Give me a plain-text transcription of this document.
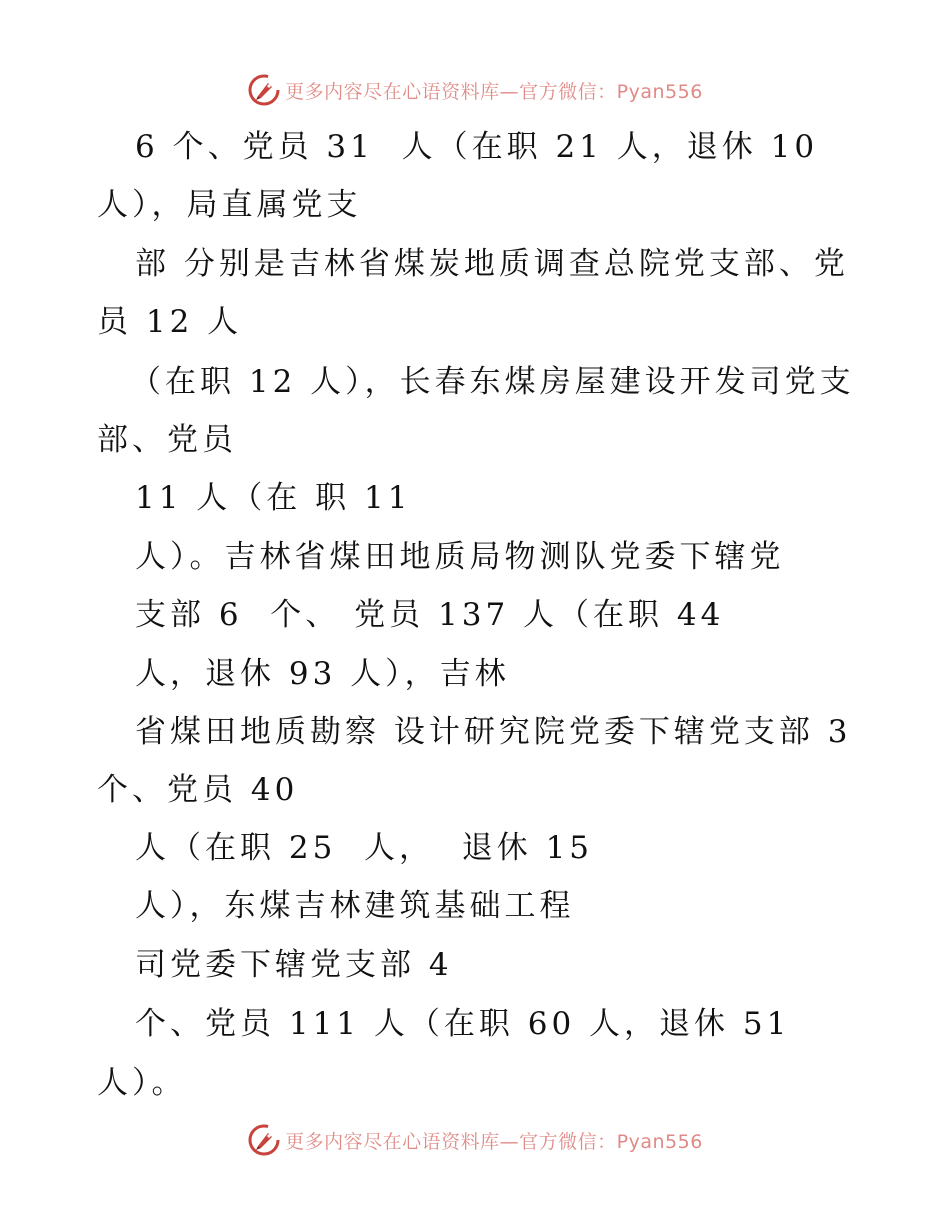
更多内容尽在心语资料库—官方微信：Pyan556
6 个、党员 31  人（在职 21 人，退休 10
人），局直属党支
部 分别是吉林省煤炭地质调查总院党支部、党
员 12 人
（在职 12 人），长春东煤房屋建设开发司党支
部、党员
11 人（在 职 11
人）。吉林省煤田地质局物测队党委下辖党
支部 6  个、 党员 137 人（在职 44
人，退休 93 人），吉林
省煤田地质勘察 设计研究院党委下辖党支部 3
个、党员 40
人（在职 25  人，  退休 15
人），东煤吉林建筑基础工程
司党委下辖党支部 4
个、党员 111 人（在职 60 人，退休 51
人）。
更多内容尽在心语资料库—官方微信：Pyan556
